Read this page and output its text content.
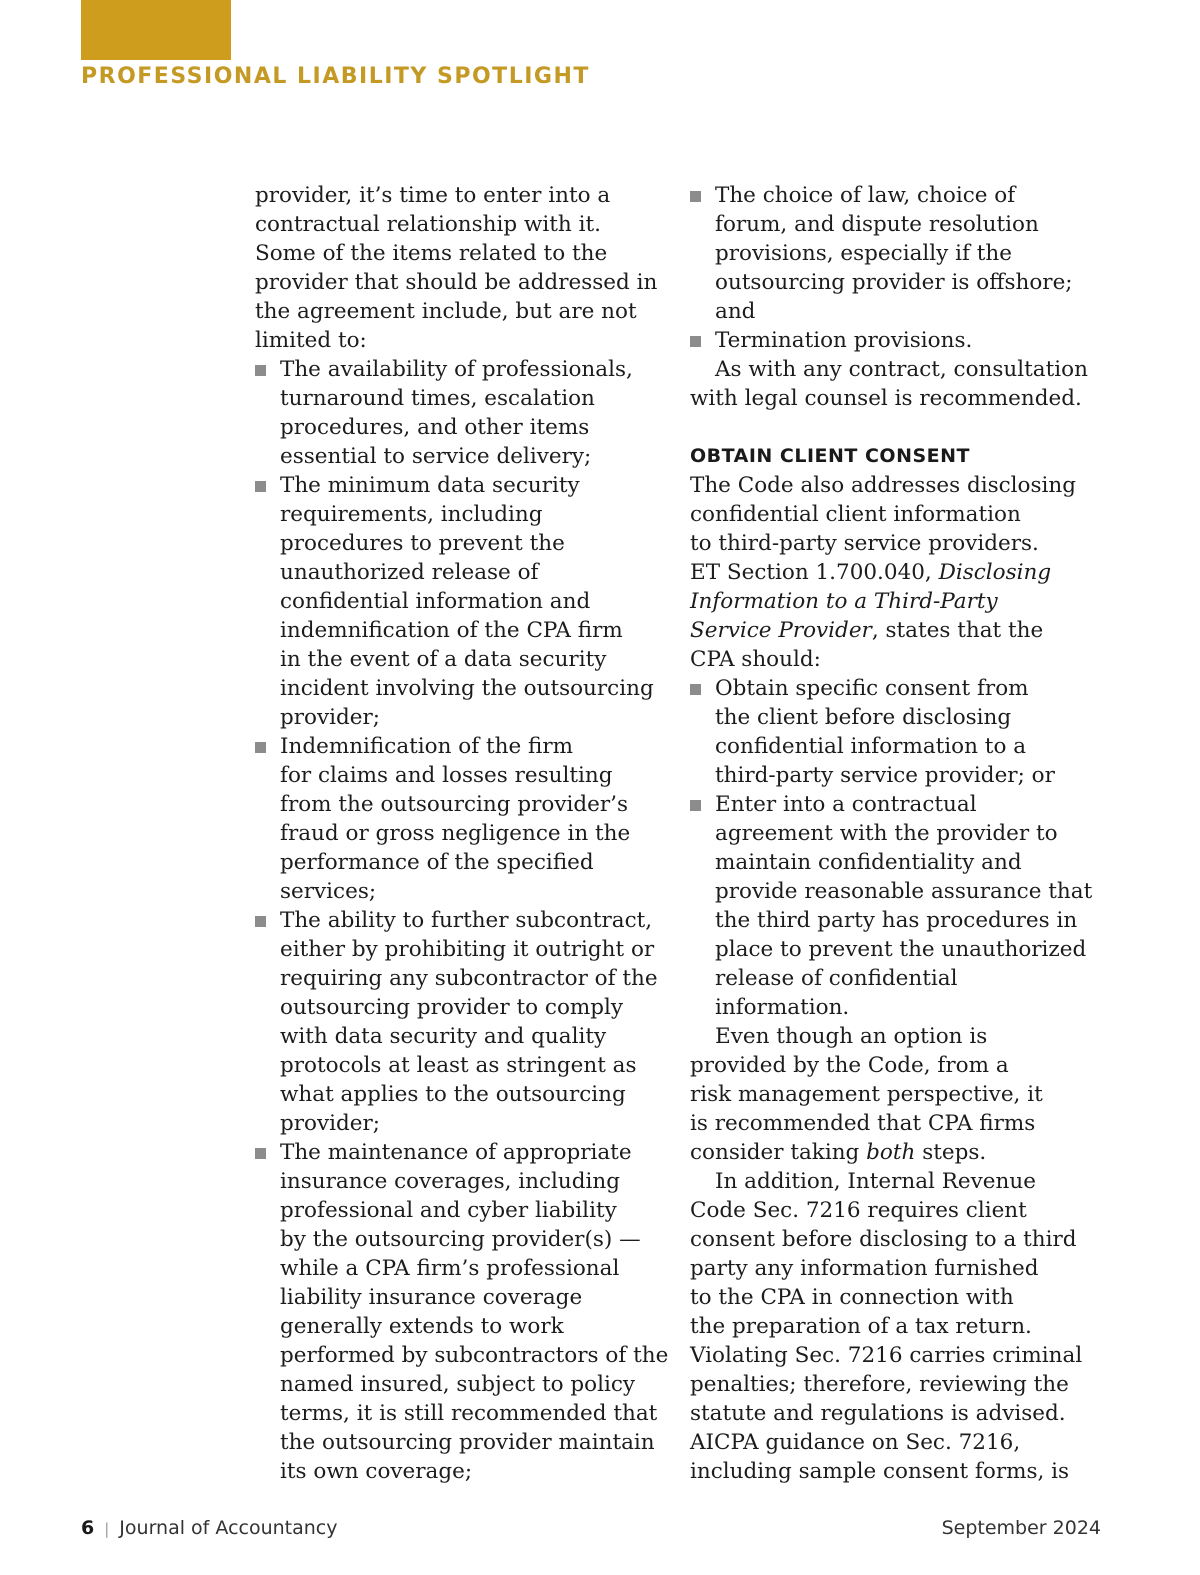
PROFESSIONAL LIABILITY SPOTLIGHT
provider, it’s time to enter into a
contractual relationship with it.
Some of the items related to the
provider that should be addressed in
the agreement include, but are not
limited to:
The availability of professionals,
turnaround times, escalation
procedures, and other items
essential to service delivery;
The minimum data security
requirements, including
procedures to prevent the
unauthorized release of
confidential information and
indemnification of the CPA firm
in the event of a data security
incident involving the outsourcing
provider;
Indemnification of the firm
for claims and losses resulting
from the outsourcing provider’s
fraud or gross negligence in the
performance of the specified
services;
The ability to further subcontract,
either by prohibiting it outright or
requiring any subcontractor of the
outsourcing provider to comply
with data security and quality
protocols at least as stringent as
what applies to the outsourcing
provider;
The maintenance of appropriate
insurance coverages, including
professional and cyber liability
by the outsourcing provider(s) —
while a CPA firm’s professional
liability insurance coverage
generally extends to work
performed by subcontractors of the
named insured, subject to policy
terms, it is still recommended that
the outsourcing provider maintain
its own coverage;
The choice of law, choice of
forum, and dispute resolution
provisions, especially if the
outsourcing provider is offshore;
and
Termination provisions.
As with any contract, consultation
with legal counsel is recommended.
OBTAIN CLIENT CONSENT
The Code also addresses disclosing
confidential client information
to third-party service providers.
ET Section 1.700.040, Disclosing
Information to a Third-Party
Service Provider, states that the
CPA should:
Obtain specific consent from
the client before disclosing
confidential information to a
third-party service provider; or
Enter into a contractual
agreement with the provider to
maintain confidentiality and
provide reasonable assurance that
the third party has procedures in
place to prevent the unauthorized
release of confidential
information.
Even though an option is
provided by the Code, from a
risk management perspective, it
is recommended that CPA firms
consider taking both steps.
In addition, Internal Revenue
Code Sec. 7216 requires client
consent before disclosing to a third
party any information furnished
to the CPA in connection with
the preparation of a tax return.
Violating Sec. 7216 carries criminal
penalties; therefore, reviewing the
statute and regulations is advised.
AICPA guidance on Sec. 7216,
including sample consent forms, is
6 | Journal of Accountancy	September 2024
